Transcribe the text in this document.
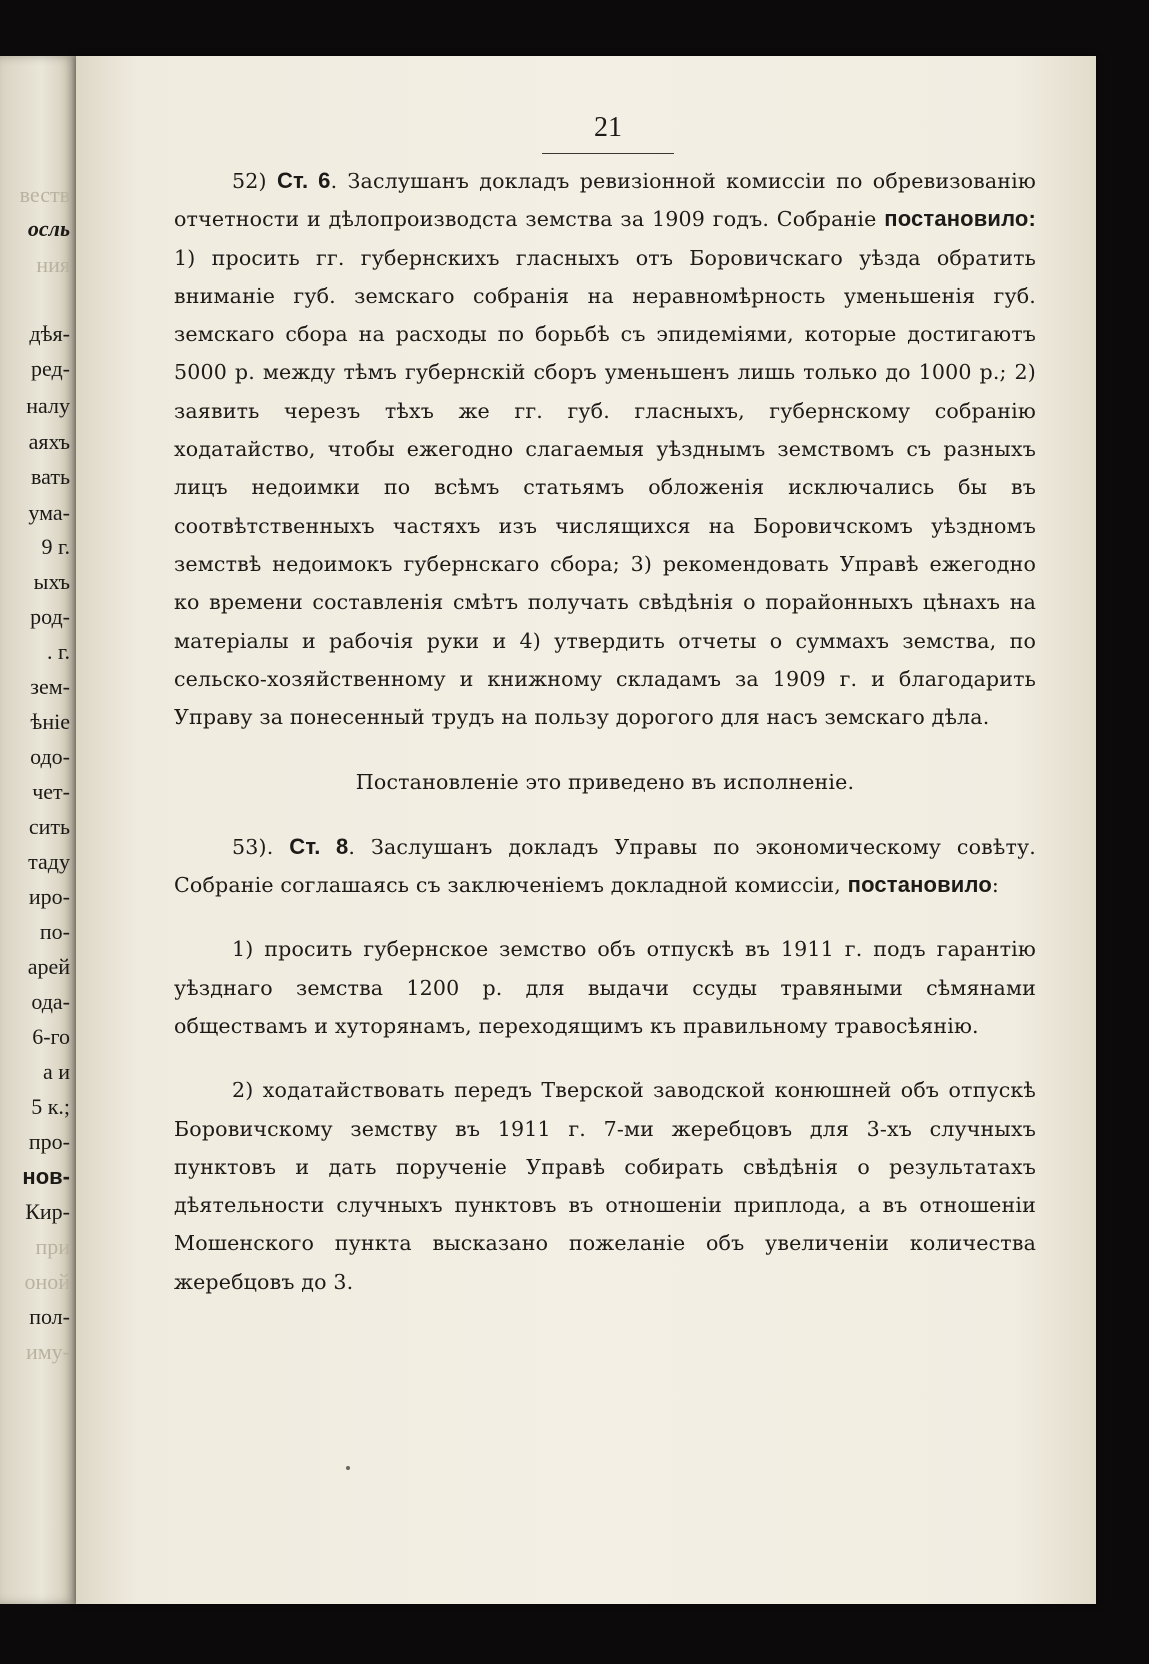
веств
осль
ния
дѣя-
ред-
налу
аяхъ
вать
ума-
9 г.
ыхъ
род-
. г.
зем-
ѣніе
одо-
чет-
сить
таду
иро-
по-
арей
ода-
6-го
а и
5 к.;
про-
нов-
Кир-
при
оной
пол-
иму-
21

52) Ст. 6. Заслушанъ докладъ ревизіонной комиссіи по обревизованію отчетности и дѣлопроизводста земства за 1909 годъ. Собраніе постановило: 1) просить гг. губернскихъ гласныхъ отъ Боровичскаго уѣзда обратить вниманіе губ. земскаго собранія на неравномѣрность уменьшенія губ. земскаго сбора на расходы по борьбѣ съ эпидеміями, которые достигаютъ 5000 р. между тѣмъ губернскій сборъ уменьшенъ лишь только до 1000 р.; 2) заявить черезъ тѣхъ же гг. губ. гласныхъ, губернскому собранію ходатайство, чтобы ежегодно слагаемыя уѣзднымъ земствомъ съ разныхъ лицъ недоимки по всѣмъ статьямъ обложенія исключались бы въ соотвѣтственныхъ частяхъ изъ числящихся на Боровичскомъ уѣздномъ земствѣ недоимокъ губернскаго сбора; 3) рекомендовать Управѣ ежегодно ко времени составленія смѣтъ получать свѣдѣнія о порайонныхъ цѣнахъ на матеріалы и рабочія руки и 4) утвердить отчеты о суммахъ земства, по сельско-хозяйственному и книжному складамъ за 1909 г. и благодарить Управу за понесенный трудъ на пользу дорогого для насъ земскаго дѣла.

Постановленіе это приведено въ исполненіе.

53). Ст. 8. Заслушанъ докладъ Управы по экономическому совѣту. Собраніе соглашаясь съ заключеніемъ докладной комиссіи, постановило:

1) просить губернское земство объ отпускѣ въ 1911 г. подъ гарантію уѣзднаго земства 1200 р. для выдачи ссуды травяными сѣмянами обществамъ и хуторянамъ, переходящимъ къ правильному травосѣянію.

2) ходатайствовать передъ Тверской заводской конюшней объ отпускѣ Боровичскому земству въ 1911 г. 7-ми жеребцовъ для 3-хъ случныхъ пунктовъ и дать порученіе Управѣ собирать свѣдѣнія о результатахъ дѣятельности случныхъ пунктовъ въ отношеніи приплода, а въ отношеніи Мошенского пункта высказано пожеланіе объ увеличеніи количества жеребцовъ до 3.
